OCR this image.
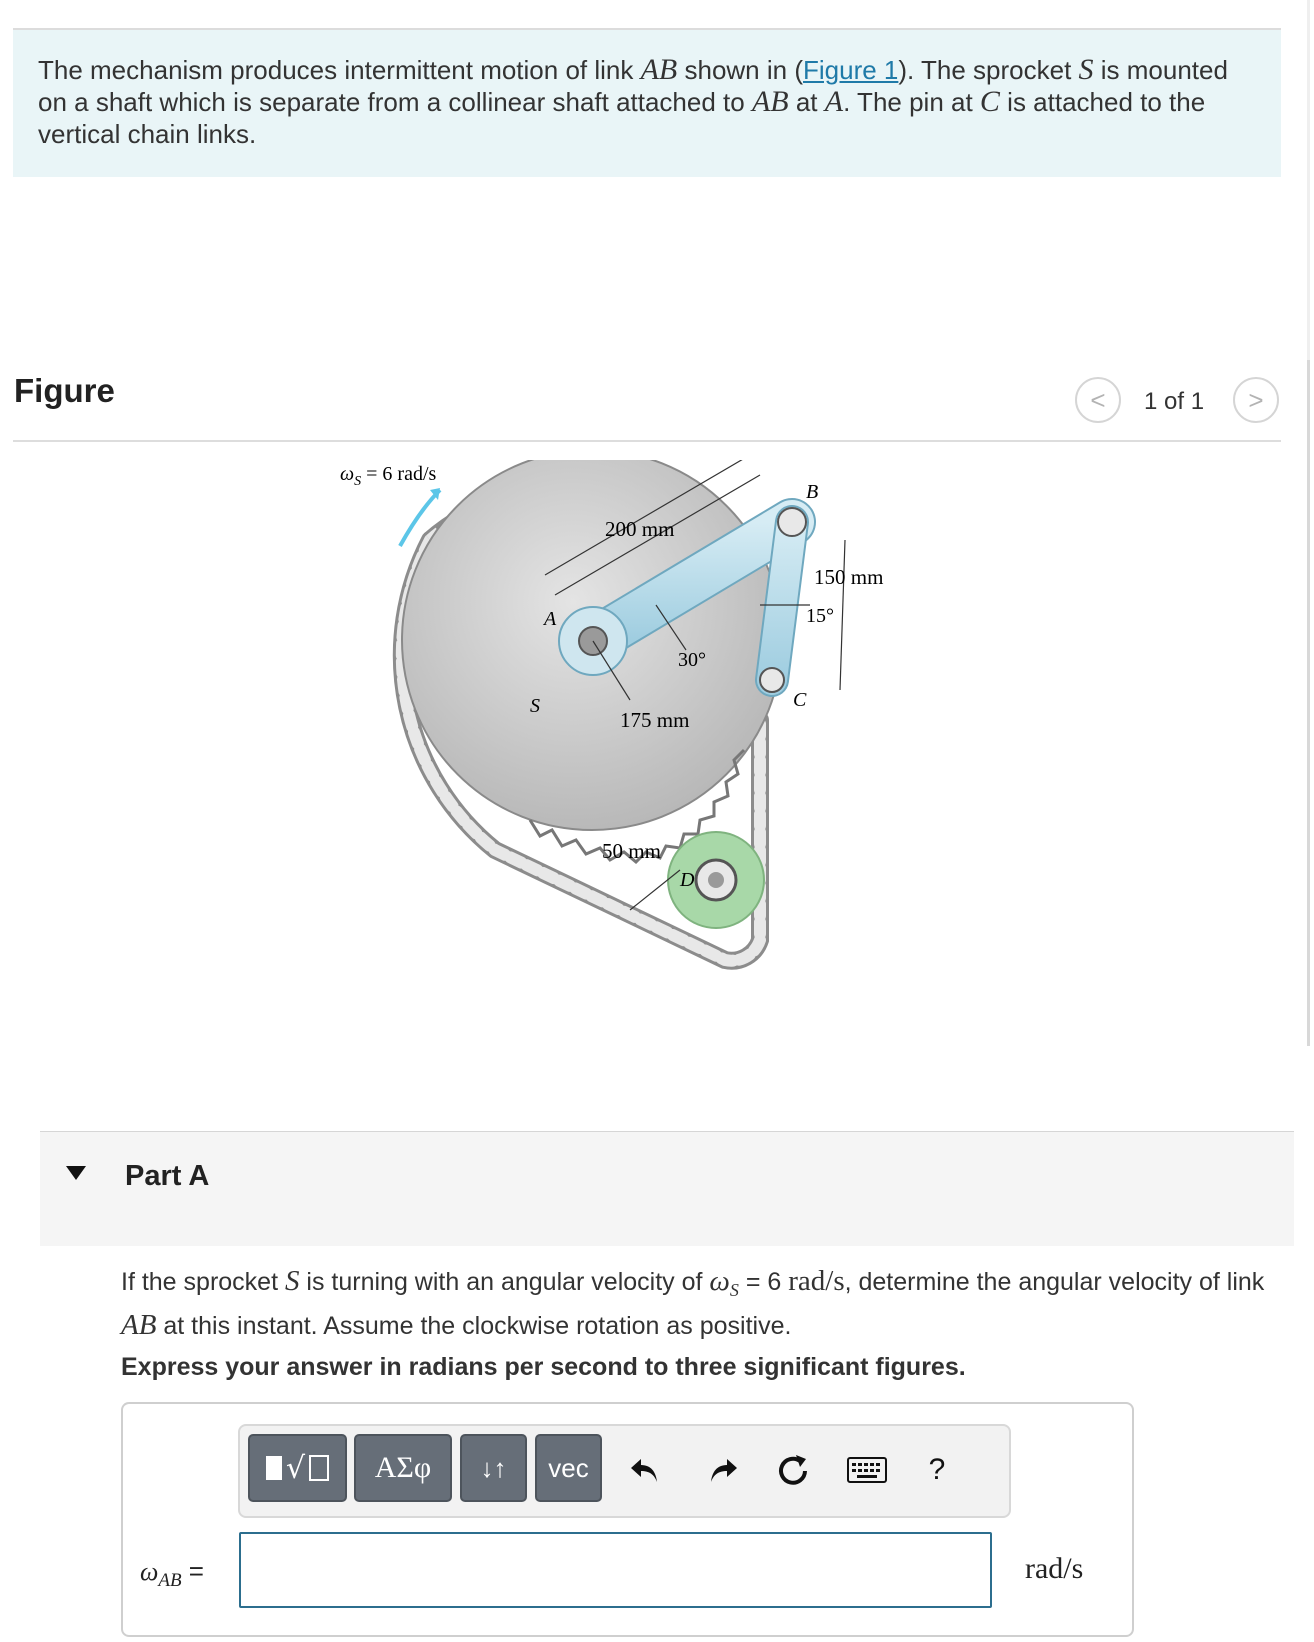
The mechanism produces intermittent motion of link AB shown in (Figure 1). The sprocket S is mounted on a shaft which is separate from a collinear shaft attached to AB at A. The pin at C is attached to the vertical chain links.
Figure	< 1 of 1 >
$\omega_S = 6$ rad/s
B
A
C
S
D
200 mm
150 mm
175 mm
50 mm
30°
15°
Part A
If the sprocket S is turning with an angular velocity of $\omega_S = 6$ rad/s, determine the angular velocity of link AB at this instant. Assume the clockwise rotation as positive.
Express your answer in radians per second to three significant figures.
√	ΑΣφ	↓↑	vec	?
$\omega_{AB}$ =	rad/s
